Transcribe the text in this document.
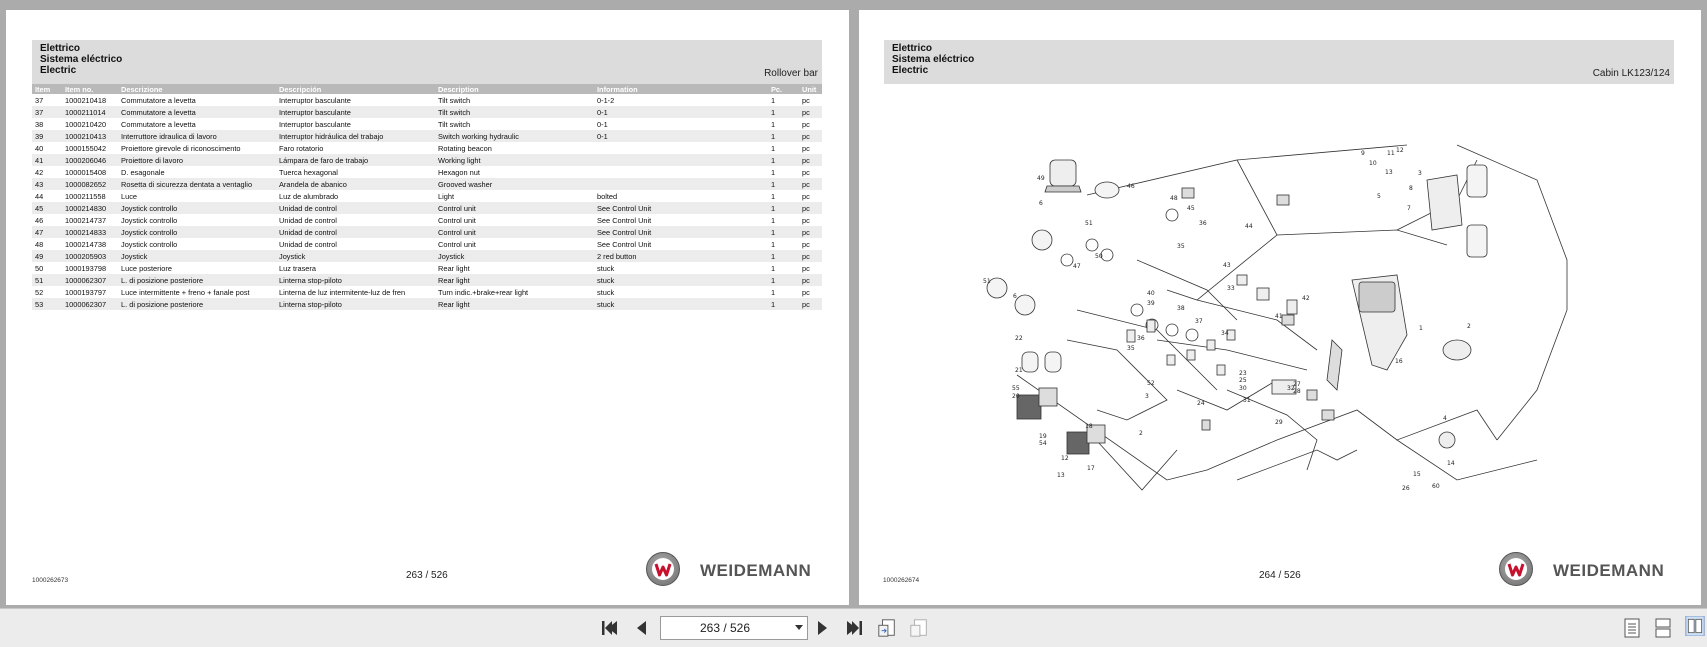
Elettrico
Sistema eléctrico
Electric	Rollover bar
Item	Item no.	Descrizione	Descripción	Description	Information	Pc.	Unit
37	1000210418	Commutatore a levetta	Interruptor basculante	Tilt switch	0-1-2	1	pc
37	1000211014	Commutatore a levetta	Interruptor basculante	Tilt switch	0-1	1	pc
38	1000210420	Commutatore a levetta	Interruptor basculante	Tilt switch	0-1	1	pc
39	1000210413	Interruttore idraulica di lavoro	Interruptor hidráulica del trabajo	Switch working hydraulic	0-1	1	pc
40	1000155042	Proiettore girevole di riconoscimento	Faro rotatorio	Rotating beacon		1	pc
41	1000206046	Proiettore di lavoro	Lámpara de faro de trabajo	Working light		1	pc
42	1000015408	D. esagonale	Tuerca hexagonal	Hexagon nut		1	pc
43	1000082652	Rosetta di sicurezza dentata a ventaglio	Arandela de abanico	Grooved washer		1	pc
44	1000211558	Luce	Luz de alumbrado	Light	bolted	1	pc
45	1000214830	Joystick controllo	Unidad de control	Control unit	See Control Unit	1	pc
46	1000214737	Joystick controllo	Unidad de control	Control unit	See Control Unit	1	pc
47	1000214833	Joystick controllo	Unidad de control	Control unit	See Control Unit	1	pc
48	1000214738	Joystick controllo	Unidad de control	Control unit	See Control Unit	1	pc
49	1000205903	Joystick	Joystick	Joystick	2 red button	1	pc
50	1000193798	Luce posteriore	Luz trasera	Rear light	stuck	1	pc
51	1000062307	L. di posizione posteriore	Linterna stop-piloto	Rear light	stuck	1	pc
52	1000193797	Luce intermittente + freno + fanale post	Linterna de luz intermitente-luz de fren	Turn indic.+brake+rear light	stuck	1	pc
53	1000062307	L. di posizione posteriore	Linterna stop-piloto	Rear light	stuck	1	pc
1000262673	263 / 526	WEIDEMANN
Elettrico
Sistema eléctrico
Electric	Cabin LK123/124
49
46
6
51
48
45
36	44
35
50
47
51
6
43
33
40
39
38
37
41
42
34
36
35
22
21
55
20
19
54
12
13
18
17
52
3
2
24
23
25
30
31
32
27
28
29
60
26
4
14
15
16
1	2
3
5
7
8
9
10
11 12
13
1000262674	264 / 526	WEIDEMANN
263 / 526
